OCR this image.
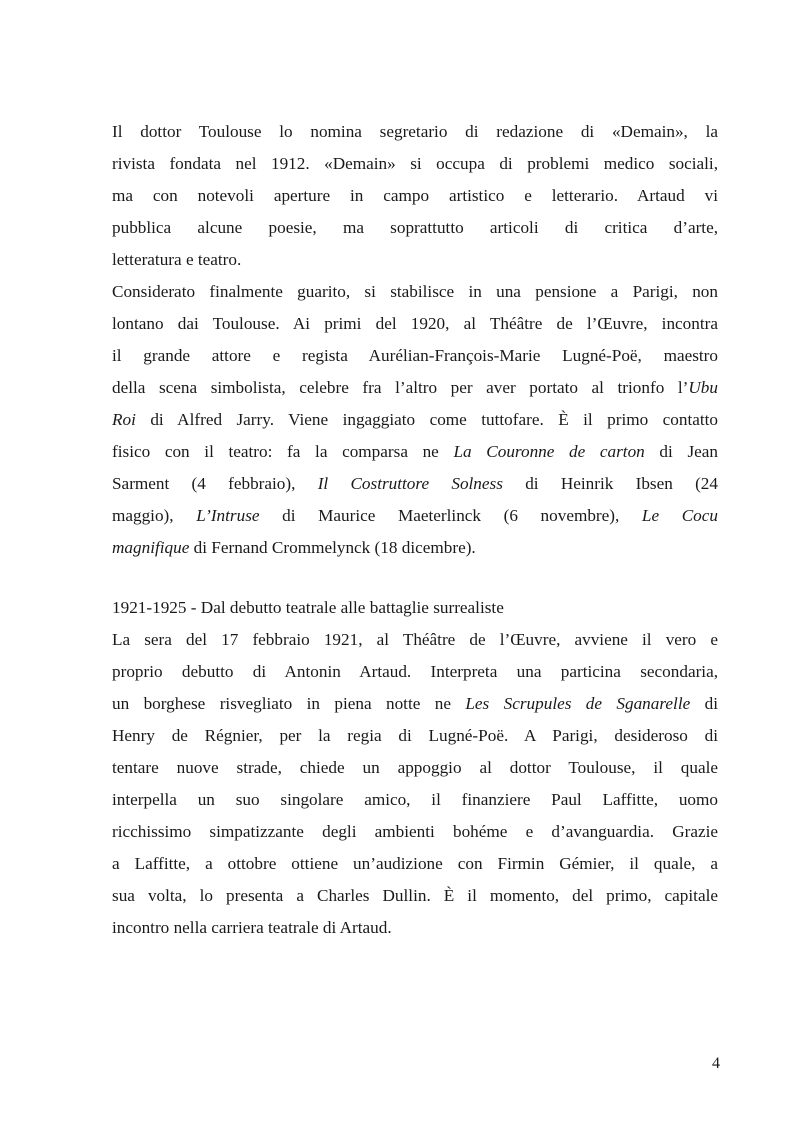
Il dottor Toulouse lo nomina segretario di redazione di «Demain», la
rivista fondata nel 1912. «Demain» si occupa di problemi medico sociali,
ma con notevoli aperture in campo artistico e letterario. Artaud vi
pubblica alcune poesie, ma soprattutto articoli di critica d’arte,
letteratura e teatro.
Considerato finalmente guarito, si stabilisce in una pensione a Parigi, non
lontano dai Toulouse. Ai primi del 1920, al Théâtre de l’Œuvre, incontra
il grande attore e regista Aurélian-François-Marie Lugné-Poë, maestro
della scena simbolista, celebre fra l’altro per aver portato al trionfo l’Ubu
Roi di Alfred Jarry. Viene ingaggiato come tuttofare. È il primo contatto
fisico con il teatro: fa la comparsa ne La Couronne de carton di Jean
Sarment (4 febbraio), Il Costruttore Solness di Heinrik Ibsen (24
maggio), L’Intruse di Maurice Maeterlinck (6 novembre), Le Cocu
magnifique di Fernand Crommelynck (18 dicembre).
1921-1925 - Dal debutto teatrale alle battaglie surrealiste
La sera del 17 febbraio 1921, al Théâtre de l’Œuvre, avviene il vero e
proprio debutto di Antonin Artaud. Interpreta una particina secondaria,
un borghese risvegliato in piena notte ne Les Scrupules de Sganarelle di
Henry de Régnier, per la regia di Lugné-Poë. A Parigi, desideroso di
tentare nuove strade, chiede un appoggio al dottor Toulouse, il quale
interpella un suo singolare amico, il finanziere Paul Laffitte, uomo
ricchissimo simpatizzante degli ambienti bohéme e d’avanguardia. Grazie
a Laffitte, a ottobre ottiene un’audizione con Firmin Gémier, il quale, a
sua volta, lo presenta a Charles Dullin. È il momento, del primo, capitale
incontro nella carriera teatrale di Artaud.
4
